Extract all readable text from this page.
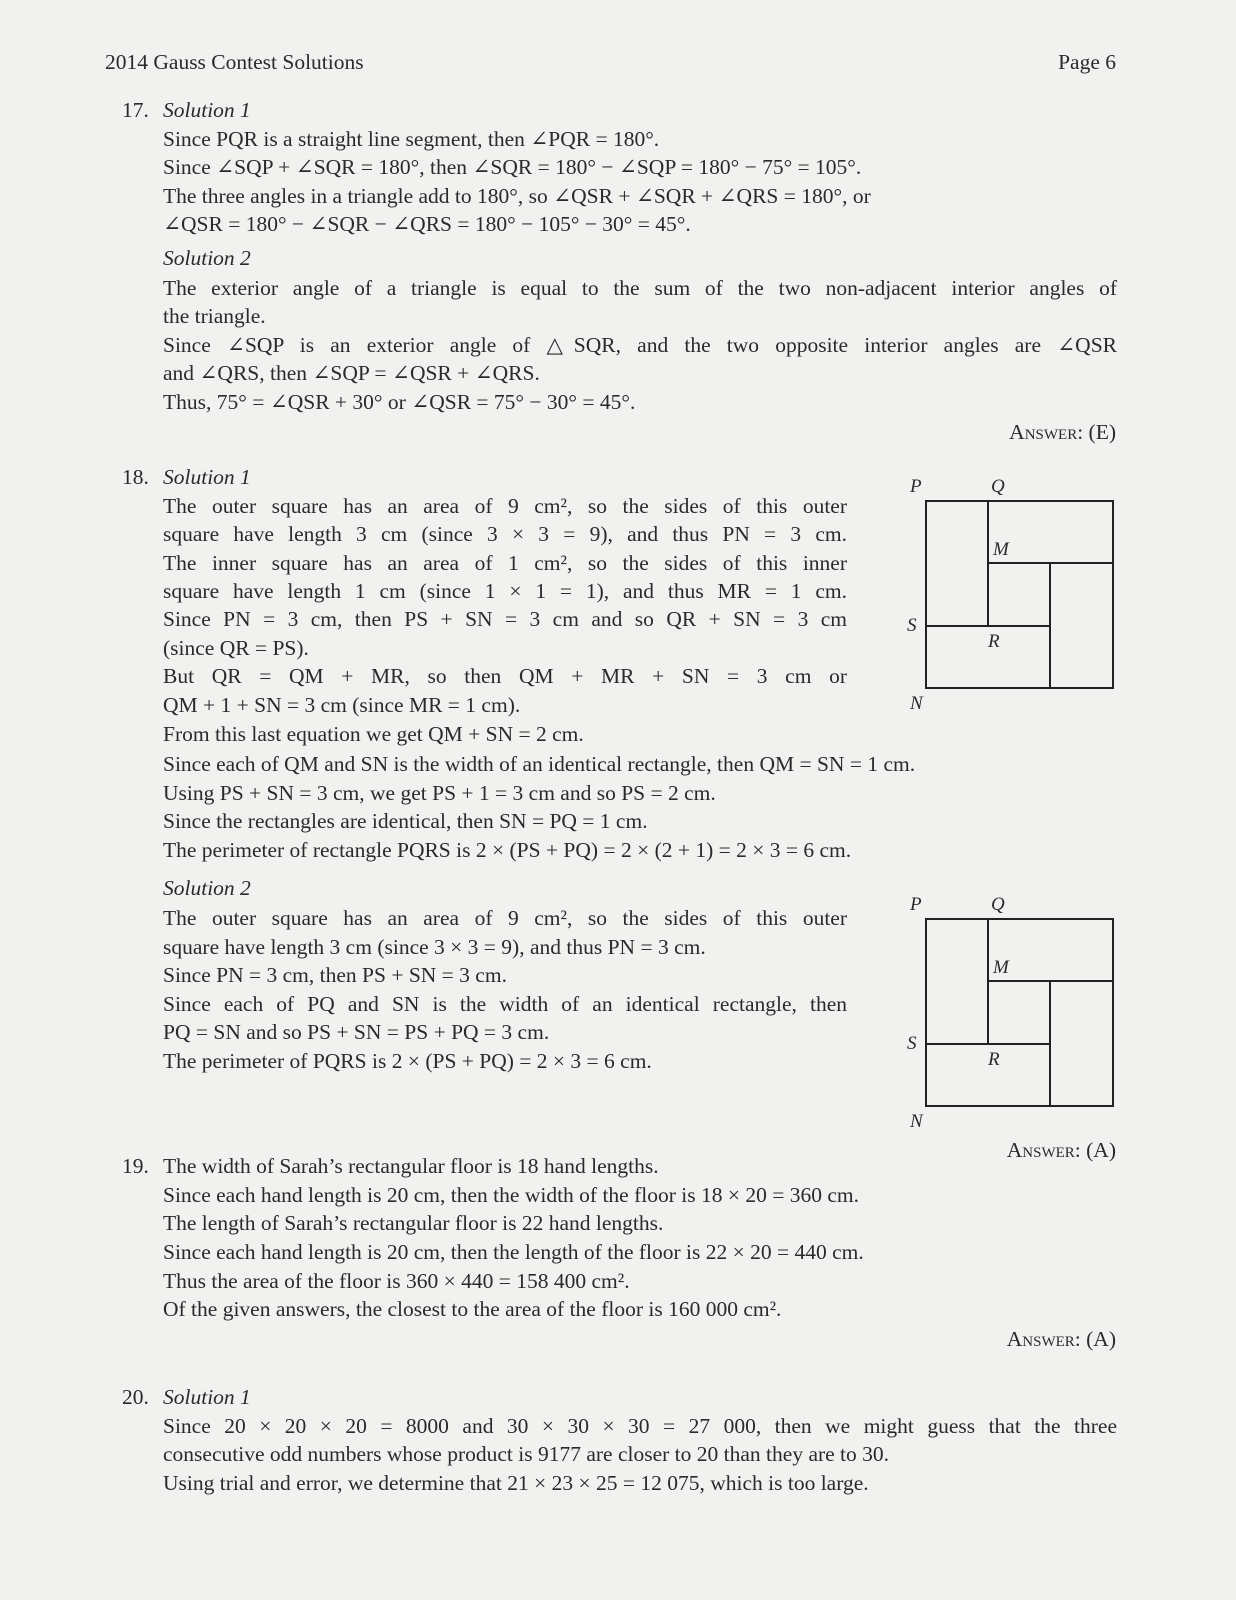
2014 Gauss Contest Solutions	Page 6
17. Solution 1
Since PQR is a straight line segment, then ∠PQR = 180°.
Since ∠SQP + ∠SQR = 180°, then ∠SQR = 180° − ∠SQP = 180° − 75° = 105°.
The three angles in a triangle add to 180°, so ∠QSR + ∠SQR + ∠QRS = 180°, or
∠QSR = 180° − ∠SQR − ∠QRS = 180° − 105° − 30° = 45°.
Solution 2
The exterior angle of a triangle is equal to the sum of the two non-adjacent interior angles of
the triangle.
Since ∠SQP is an exterior angle of △SQR, and the two opposite interior angles are ∠QSR
and ∠QRS, then ∠SQP = ∠QSR + ∠QRS.
Thus, 75° = ∠QSR + 30° or ∠QSR = 75° − 30° = 45°.
Answer: (E)
18. Solution 1
The outer square has an area of 9 cm², so the sides of this outer
square have length 3 cm (since 3 × 3 = 9), and thus PN = 3 cm.
The inner square has an area of 1 cm², so the sides of this inner
square have length 1 cm (since 1 × 1 = 1), and thus MR = 1 cm.
Since PN = 3 cm, then PS + SN = 3 cm and so QR + SN = 3 cm
(since QR = PS).
But QR = QM + MR, so then QM + MR + SN = 3 cm or
QM + 1 + SN = 3 cm (since MR = 1 cm).
From this last equation we get QM + SN = 2 cm.
Since each of QM and SN is the width of an identical rectangle, then QM = SN = 1 cm.
Using PS + SN = 3 cm, we get PS + 1 = 3 cm and so PS = 2 cm.
Since the rectangles are identical, then SN = PQ = 1 cm.
The perimeter of rectangle PQRS is 2 × (PS + PQ) = 2 × (2 + 1) = 2 × 3 = 6 cm.
Solution 2
The outer square has an area of 9 cm², so the sides of this outer
square have length 3 cm (since 3 × 3 = 9), and thus PN = 3 cm.
Since PN = 3 cm, then PS + SN = 3 cm.
Since each of PQ and SN is the width of an identical rectangle, then
PQ = SN and so PS + SN = PS + PQ = 3 cm.
The perimeter of PQRS is 2 × (PS + PQ) = 2 × 3 = 6 cm.
Answer: (A)
P	Q
M
S
R
N
P	Q
M
S
R
N
19. The width of Sarah’s rectangular floor is 18 hand lengths.
Since each hand length is 20 cm, then the width of the floor is 18 × 20 = 360 cm.
The length of Sarah’s rectangular floor is 22 hand lengths.
Since each hand length is 20 cm, then the length of the floor is 22 × 20 = 440 cm.
Thus the area of the floor is 360 × 440 = 158 400 cm².
Of the given answers, the closest to the area of the floor is 160 000 cm².
Answer: (A)
20. Solution 1
Since 20 × 20 × 20 = 8000 and 30 × 30 × 30 = 27 000, then we might guess that the three
consecutive odd numbers whose product is 9177 are closer to 20 than they are to 30.
Using trial and error, we determine that 21 × 23 × 25 = 12 075, which is too large.
